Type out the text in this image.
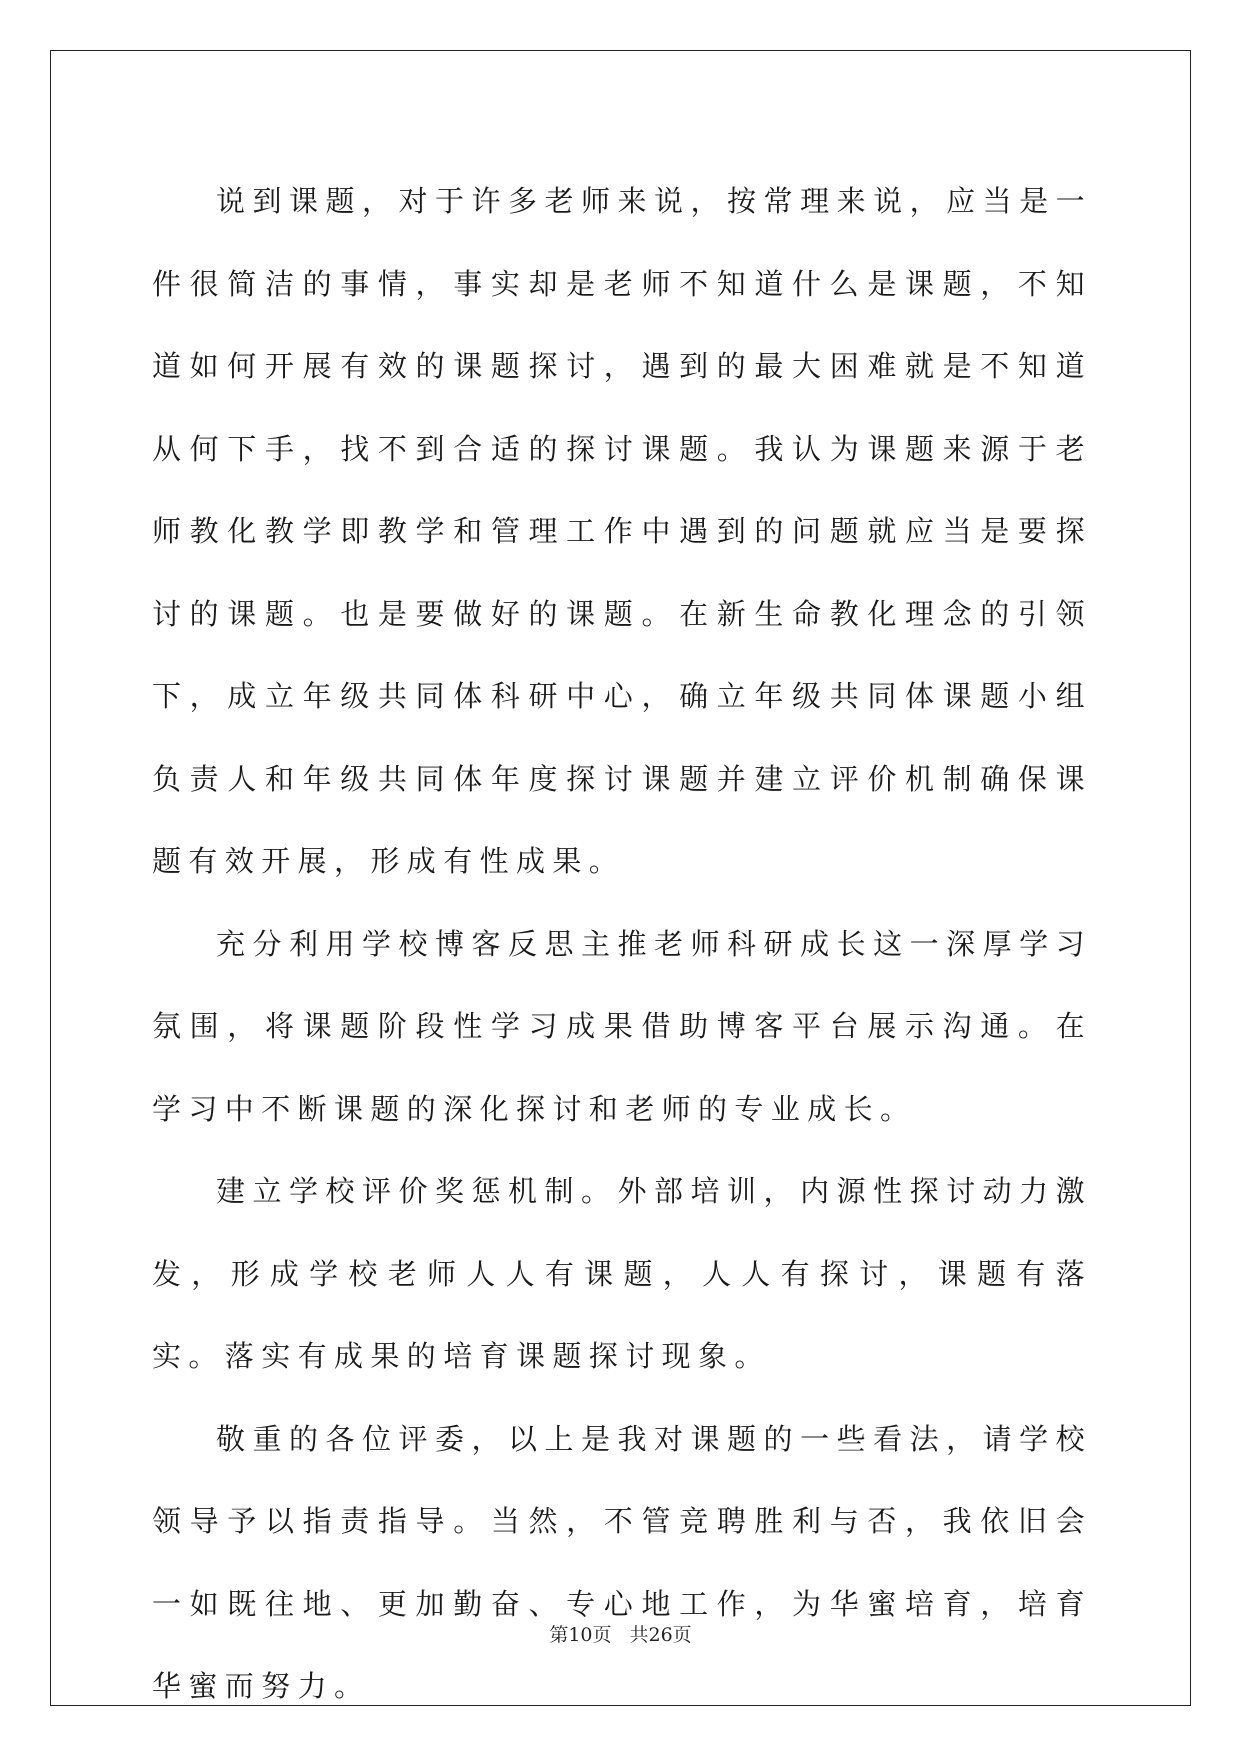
说到课题，对于许多老师来说，按常理来说，应当是一件很简洁的事情，事实却是老师不知道什么是课题，不知道如何开展有效的课题探讨，遇到的最大困难就是不知道从何下手，找不到合适的探讨课题。我认为课题来源于老师教化教学即教学和管理工作中遇到的问题就应当是要探讨的课题。也是要做好的课题。在新生命教化理念的引领下，成立年级共同体科研中心，确立年级共同体课题小组负责人和年级共同体年度探讨课题并建立评价机制确保课题有效开展，形成有性成果。

充分利用学校博客反思主推老师科研成长这一深厚学习氛围，将课题阶段性学习成果借助博客平台展示沟通。在学习中不断课题的深化探讨和老师的专业成长。

建立学校评价奖惩机制。外部培训，内源性探讨动力激发，形成学校老师人人有课题，人人有探讨，课题有落实。落实有成果的培育课题探讨现象。

敬重的各位评委，以上是我对课题的一些看法，请学校领导予以指责指导。当然，不管竞聘胜利与否，我依旧会一如既往地、更加勤奋、专心地工作，为华蜜培育，培育华蜜而努力。

第10页 共26页
